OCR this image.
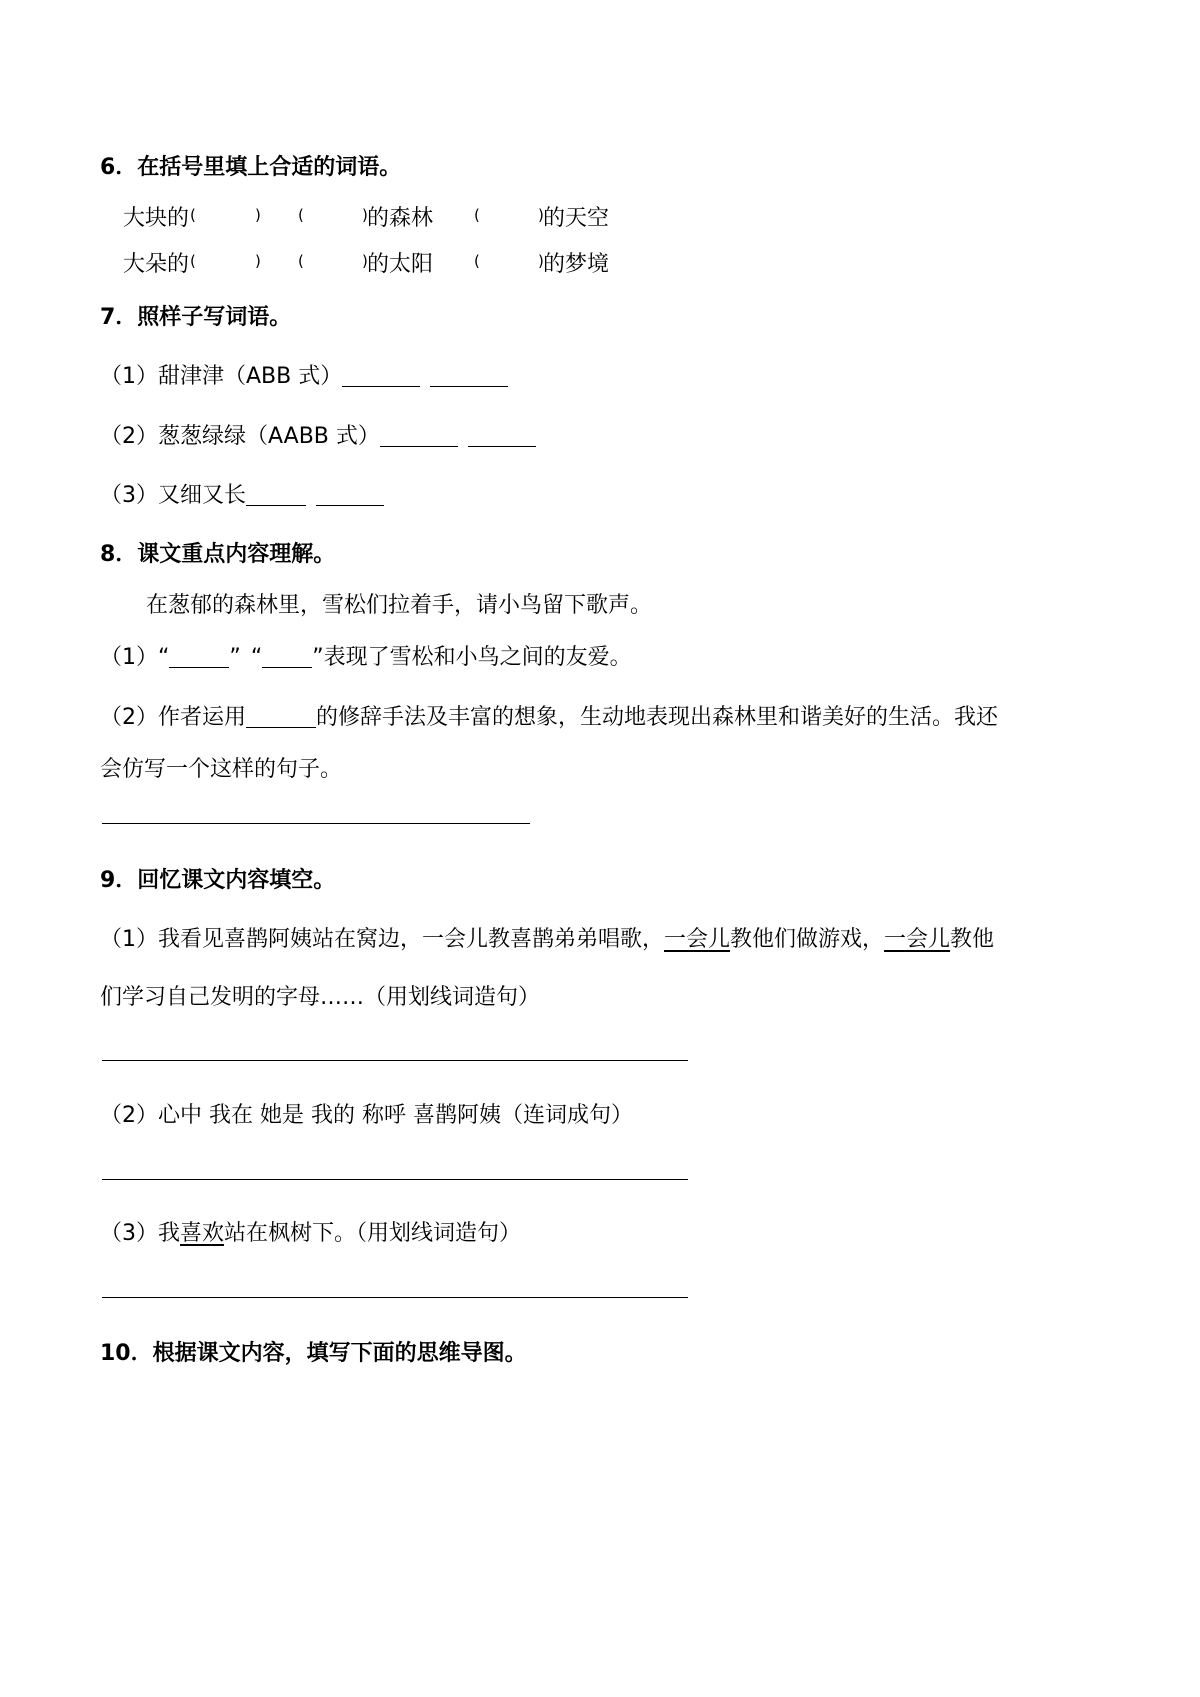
6．在括号里填上合适的词语。
大块的 (	) (	) 的森林	(	) 的天空
大朵的 (	) (	) 的太阳	(	) 的梦境
7．照样子写词语。
（1）甜津津（ABB 式）
（2）葱葱绿绿（AABB 式）
（3）又细又长
8．课文重点内容理解。
在葱郁的森林里，雪松们拉着手，请小鸟留下歌声。
（1）“	” “ ”表现了雪松和小鸟之间的友爱。
（2）作者运用	的修辞手法及丰富的想象，生动地表现出森林里和谐美好的生活。我还
会仿写一个这样的句子。
9．回忆课文内容填空。
（1）我看见喜鹊阿姨站在窝边，一会儿教喜鹊弟弟唱歌，一会儿教他们做游戏，一会儿教他
们学习自己发明的字母……（用划线词造句）
（2）心中 我在 她是 我的 称呼 喜鹊阿姨（连词成句）
（3）我喜欢站在枫树下。（用划线词造句）
10．根据课文内容，填写下面的思维导图。
